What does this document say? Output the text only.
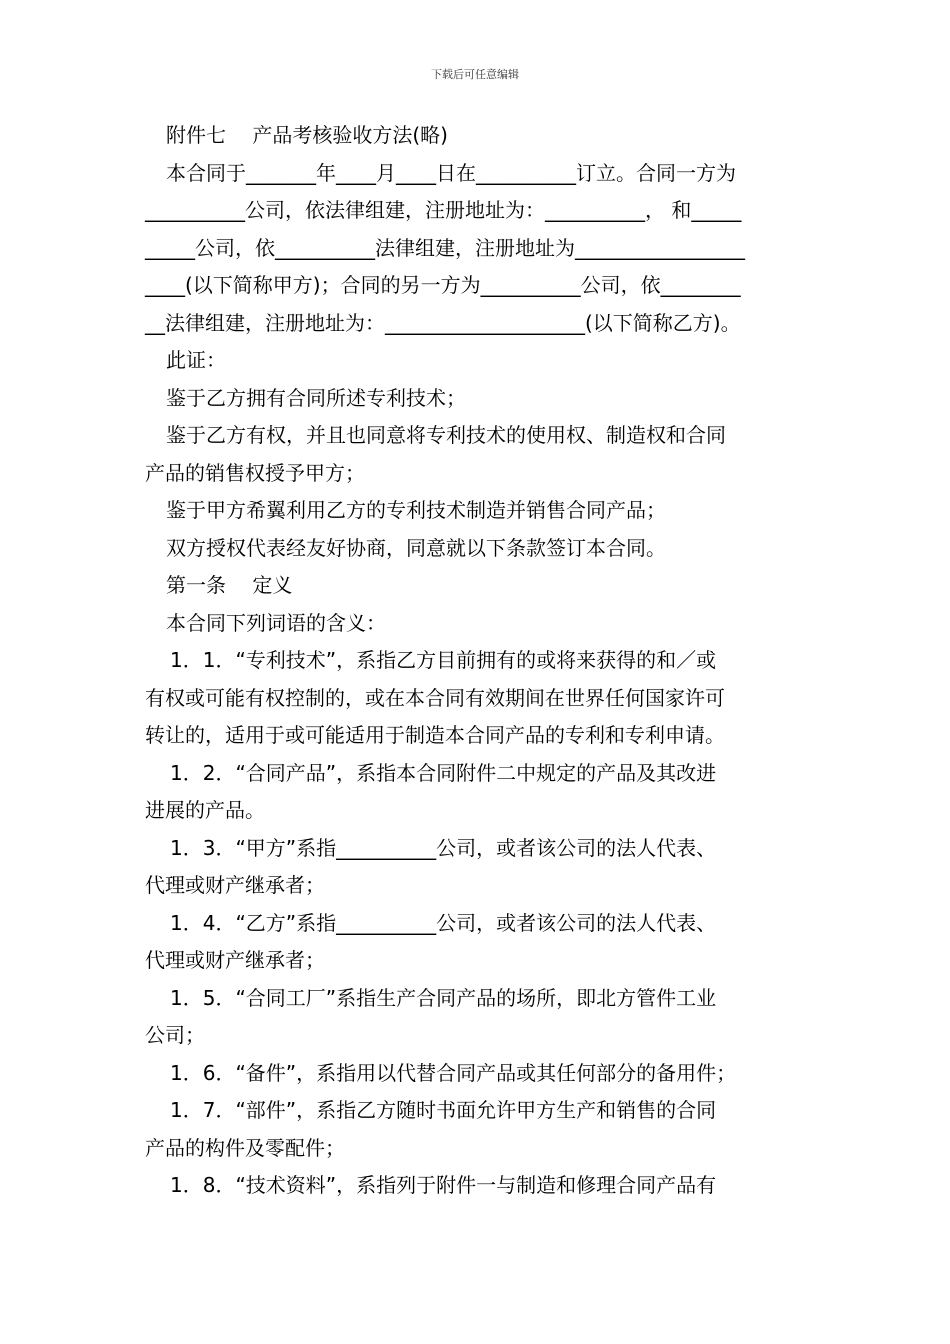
下载后可任意编辑
附件七　 产品考核验收方法(略)
本合同于_______年____月____日在__________订立。合同一方为
__________公司，依法律组建，注册地址为：__________， 和_____
_____公司，依__________法律组建，注册地址为_________________
____(以下简称甲方)；合同的另一方为__________公司，依________
__法律组建，注册地址为：____________________(以下简称乙方)。
此证：
鉴于乙方拥有合同所述专利技术；
鉴于乙方有权，并且也同意将专利技术的使用权、制造权和合同
产品的销售权授予甲方；
鉴于甲方希翼利用乙方的专利技术制造并销售合同产品；
双方授权代表经友好协商，同意就以下条款签订本合同。
第一条　 定义
本合同下列词语的含义：
1．1．“专利技术”，系指乙方目前拥有的或将来获得的和／或
有权或可能有权控制的，或在本合同有效期间在世界任何国家许可
转让的，适用于或可能适用于制造本合同产品的专利和专利申请。
1．2．“合同产品”，系指本合同附件二中规定的产品及其改进
进展的产品。
1．3．“甲方”系指__________公司，或者该公司的法人代表、
代理或财产继承者；
1．4．“乙方”系指__________公司，或者该公司的法人代表、
代理或财产继承者；
1．5．“合同工厂”系指生产合同产品的场所，即北方管件工业
公司；
1．6．“备件”，系指用以代替合同产品或其任何部分的备用件；
1．7．“部件”，系指乙方随时书面允许甲方生产和销售的合同
产品的构件及零配件；
1．8．“技术资料”，系指列于附件一与制造和修理合同产品有
